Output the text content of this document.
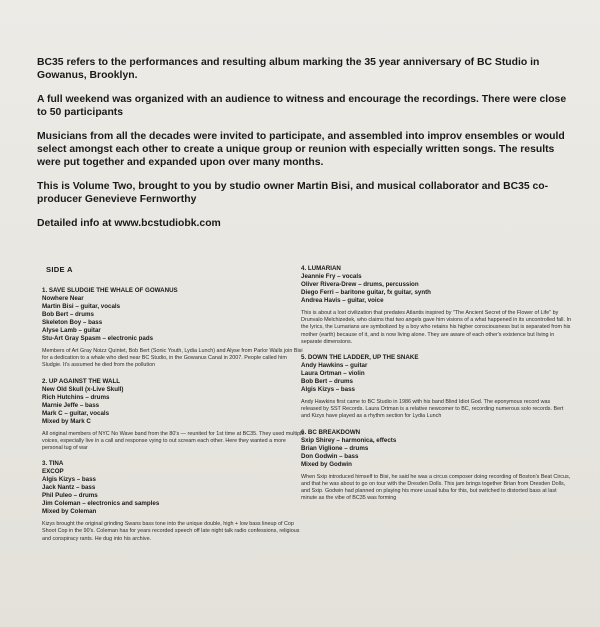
BC35 refers to the performances and resulting album marking the 35 year anniversary of BC Studio in Gowanus, Brooklyn.

A full weekend was organized with an audience to witness and encourage the recordings. There were close to 50 participants

Musicians from all the decades were invited to participate, and assembled into improv ensembles or would select amongst each other to create a unique group or reunion with especially written songs. The results were put together and expanded upon over many months.

This is Volume Two, brought to you by studio owner Martin Bisi, and musical collaborator and BC35 co-producer Genevieve Fernworthy

Detailed info at www.bcstudiobk.com

SIDE A
1. SAVE SLUDGIE THE WHALE OF GOWANUS
Nowhere Near
Martin Bisi – guitar, vocals
Bob Bert – drums
Skeleton Boy – bass
Alyse Lamb – guitar
Stu-Art Gray Spasm – electronic pads
Members of Art Gray Noizz Quintet, Bob Bert (Sonic Youth, Lydia Lunch) and Alyse from Parlor Walls join Bisi for a dedication to a whale who died near BC Studio, in the Gowanus Canal in 2007. People called him Sludgie. It's assumed he died from the pollution
2. UP AGAINST THE WALL
New Old Skull (x-Live Skull)
Rich Hutchins – drums
Marnie Jeffe – bass
Mark C – guitar, vocals
Mixed by Mark C
All original members of NYC No Wave band from the 80's — reunited for 1st time at BC35. They used multiple voices, especially live in a call and response vying to out scream each other. Here they wanted a more personal tug of war
3. TINA
EXCOP
Algis Kizys – bass
Jack Nantz – bass
Phil Puleo – drums
Jim Coleman – electronics and samples
Mixed by Coleman
Kizys brought the original grinding Swans bass tone into the unique double, high + low bass lineup of Cop Shoot Cop in the 90's. Coleman has for years recorded speech off late night talk radio confessions, religious and conspiracy rants. He dug into his archive.
4. LUMARIAN
Jeannie Fry – vocals
Oliver Rivera-Drew – drums, percussion
Diego Ferri – baritone guitar, fx guitar, synth
Andrea Havis – guitar, voice
This is about a lost civilization that predates Atlantis inspired by "The Ancient Secret of the Flower of Life" by Drunvalo Melchizedek, who claims that two angels gave him visions of a what happened in its uncontrolled fall. In the lyrics, the Lumarians are symbolized by a boy who retains his higher consciousness but is separated from his mother (earth) because of it, and is now living alone. They are aware of each other's existence but living in separate dimensions.
5. DOWN THE LADDER, UP THE SNAKE
Andy Hawkins – guitar
Laura Ortman – violin
Bob Bert – drums
Algis Kizys – bass
Andy Hawkins first came to BC Studio in 1986 with his band Blind Idiot God. The eponymous record was released by SST Records. Laura Ortman is a relative newcomer to BC, recording numerous solo records. Bert and Kizys have played as a rhythm section for Lydia Lunch
6. BC BREAKDOWN
Sxip Shirey – harmonica, effects
Brian Viglione – drums
Don Godwin – bass
Mixed by Godwin
When Sxip introduced himself to Bisi, he said he was a circus composer doing recording of Boston's Beat Circus, and that he was about to go on tour with the Dresden Dolls. This jam brings together Brian from Dresden Dolls, and Sxip. Godwin had planned on playing his more usual tuba for this, but switched to distorted bass at last minute as the vibe of BC35 was forming
